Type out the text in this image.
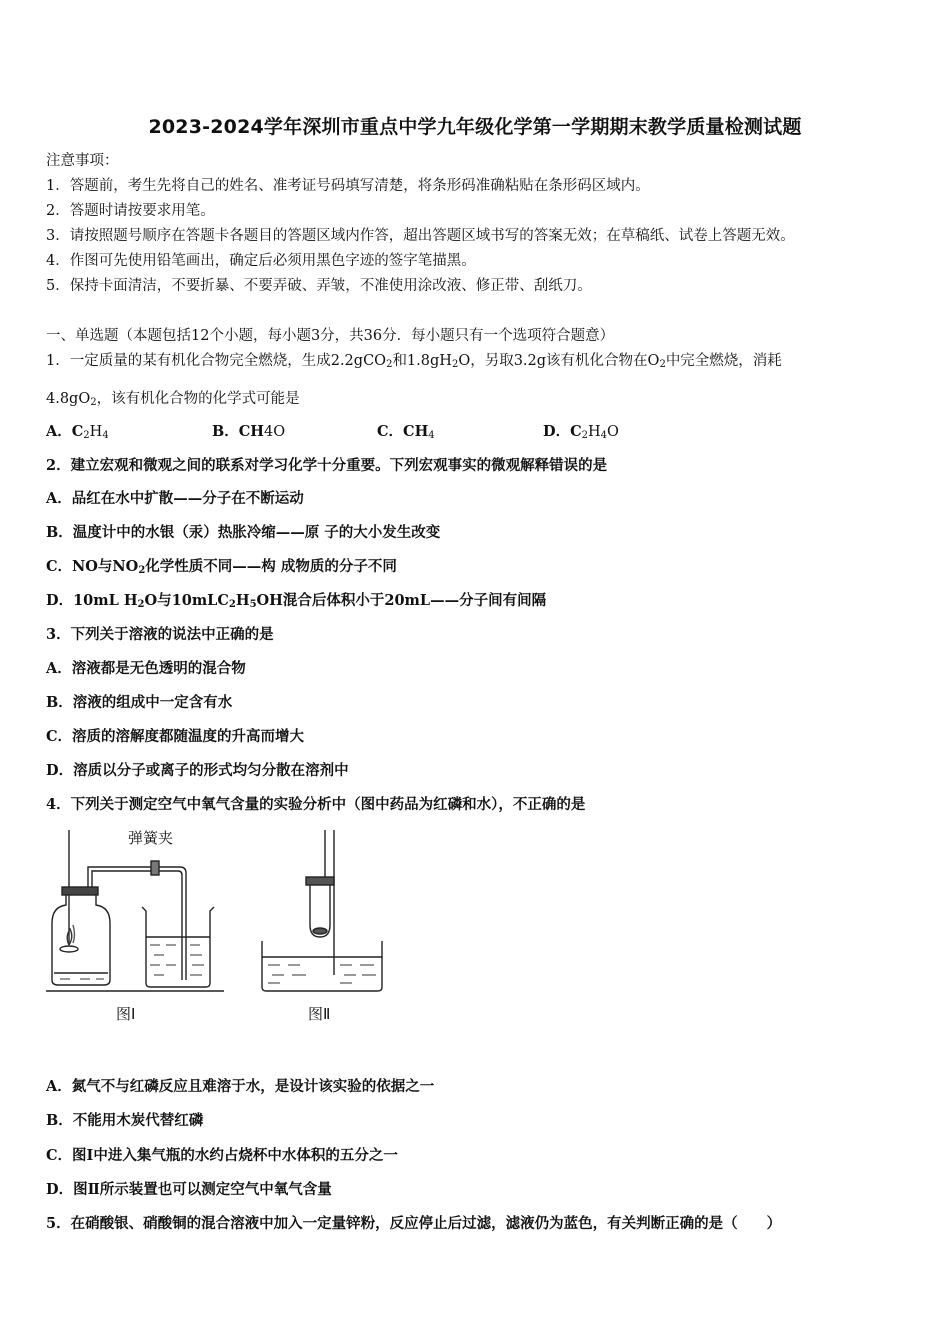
2023-2024学年深圳市重点中学九年级化学第一学期期末教学质量检测试题
注意事项：
1．答题前，考生先将自己的姓名、准考证号码填写清楚，将条形码准确粘贴在条形码区域内。
2．答题时请按要求用笔。
3．请按照题号顺序在答题卡各题目的答题区域内作答，超出答题区域书写的答案无效；在草稿纸、试卷上答题无效。
4．作图可先使用铅笔画出，确定后必须用黑色字迹的签字笔描黑。
5．保持卡面清洁，不要折暴、不要弄破、弄皱，不准使用涂改液、修正带、刮纸刀。
一、单选题（本题包括12个小题，每小题3分，共36分．每小题只有一个选项符合题意）
1．一定质量的某有机化合物完全燃烧，生成2.2gCO$_2$和$1.8gH_2O$，另取3.2g该有机化合物在$O_2$中完全燃烧，消耗
$4.8gO_2$，该有机化合物的化学式可能是
A．$C_2H_4$	B．CH4O	C．$CH_4$	D．$C_2H_4O$
2．建立宏观和微观之间的联系对学习化学十分重要。下列宏观事实的微观解释错误的是
A．品红在水中扩散——分子在不断运动
B．温度计中的水银（汞）热胀冷缩——原 子的大小发生改变
C．NO与$NO_2$化学性质不同——构 成物质的分子不同
D．10mL $H_2O$与$10mLC_2H_5OH$混合后体积小于20mL——分子间有间隔
3．下列关于溶液的说法中正确的是
A．溶液都是无色透明的混合物
B．溶液的组成中一定含有水
C．溶质的溶解度都随温度的升高而增大
D．溶质以分子或离子的形式均匀分散在溶剂中
4．下列关于测定空气中氧气含量的实验分析中（图中药品为红磷和水），不正确的是
弹簧夹
图Ⅰ	图Ⅱ
A．氮气不与红磷反应且难溶于水，是设计该实验的依据之一
B．不能用木炭代替红磷
C．图Ⅰ中进入集气瓶的水约占烧杯中水体积的五分之一
D．图Ⅱ所示装置也可以测定空气中氧气含量
5．在硝酸银、硝酸铜的混合溶液中加入一定量锌粉，反应停止后过滤，滤液仍为蓝色，有关判断正确的是（　　）
